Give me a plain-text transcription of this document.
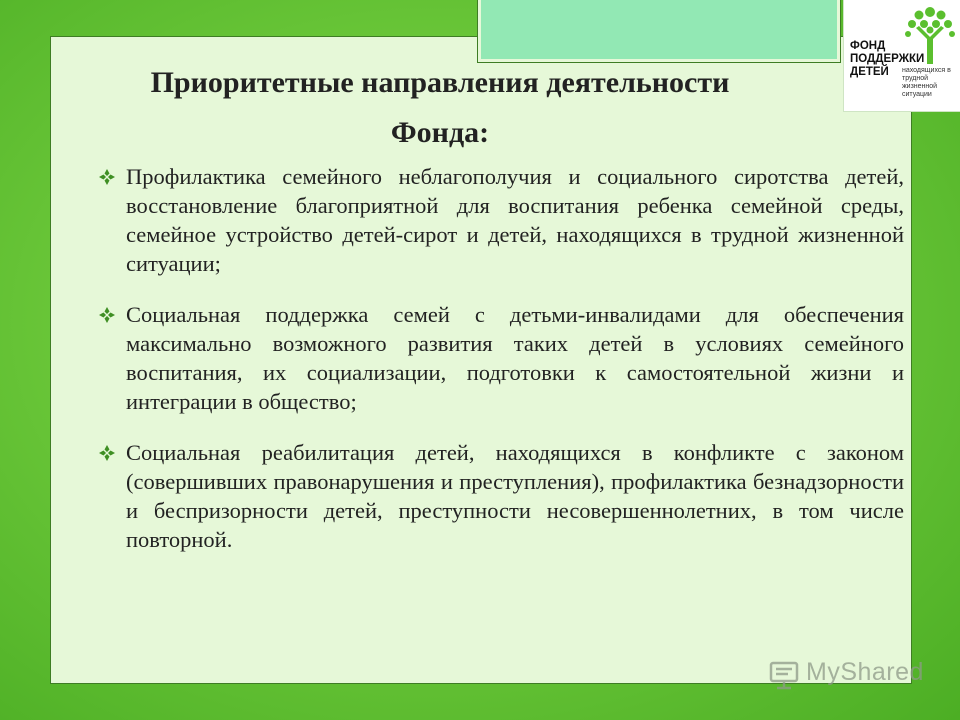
ФОНД
ПОДДЕРЖКИ
ДЕТЕЙ находящихся в трудной жизненной ситуации
Приоритетные направления деятельности Фонда:
Профилактика семейного неблагополучия и социального сиротства детей, восстановление благоприятной для воспитания ребенка семейной среды, семейное устройство детей-сирот и детей, находящихся в трудной жизненной ситуации;
Социальная поддержка семей с детьми-инвалидами для обеспечения максимально возможного развития таких детей в условиях семейного воспитания, их социализации, подготовки к самостоятельной жизни и интеграции в общество;
Социальная реабилитация детей, находящихся в конфликте с законом (совершивших правонарушения и преступления), профилактика безнадзорности и беспризорности детей, преступности несовершеннолетних, в том числе повторной.
MyShared
